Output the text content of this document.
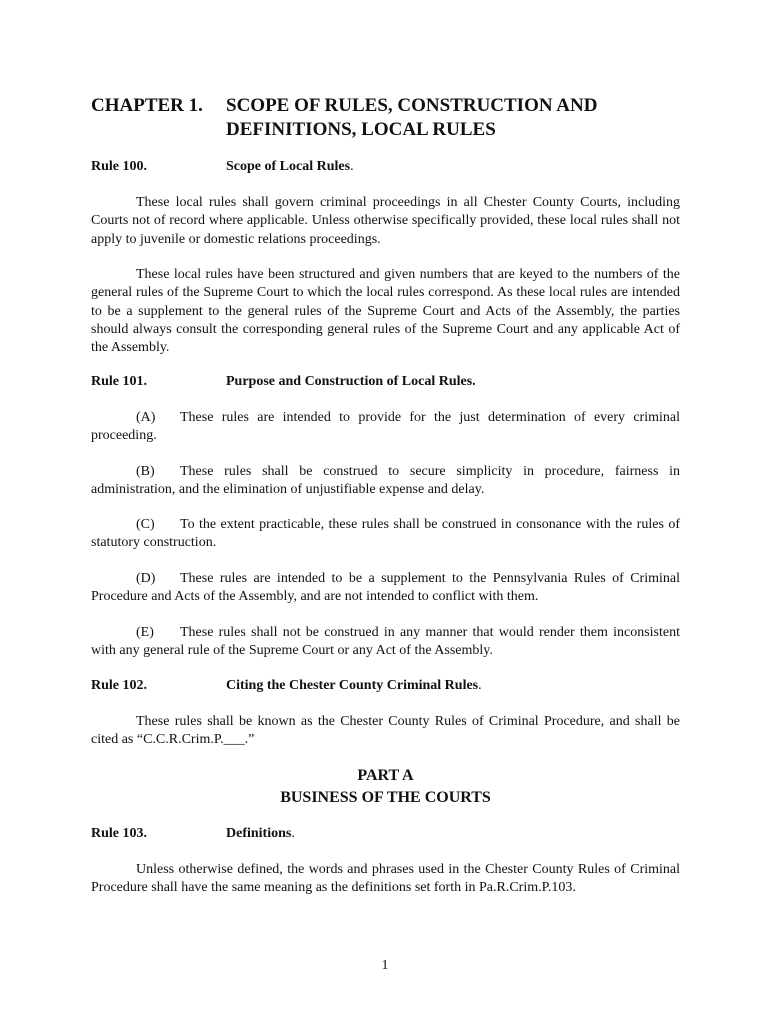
CHAPTER 1.	SCOPE OF RULES, CONSTRUCTION AND
DEFINITIONS, LOCAL RULES
Rule 100.	Scope of Local Rules.

These local rules shall govern criminal proceedings in all Chester County Courts, including Courts not of record where applicable. Unless otherwise specifically provided, these local rules shall not apply to juvenile or domestic relations proceedings.

These local rules have been structured and given numbers that are keyed to the numbers of the general rules of the Supreme Court to which the local rules correspond. As these local rules are intended to be a supplement to the general rules of the Supreme Court and Acts of the Assembly, the parties should always consult the corresponding general rules of the Supreme Court and any applicable Act of the Assembly.

Rule 101.	Purpose and Construction of Local Rules.

(A) These rules are intended to provide for the just determination of every criminal proceeding.

(B) These rules shall be construed to secure simplicity in procedure, fairness in administration, and the elimination of unjustifiable expense and delay.

(C) To the extent practicable, these rules shall be construed in consonance with the rules of statutory construction.

(D) These rules are intended to be a supplement to the Pennsylvania Rules of Criminal Procedure and Acts of the Assembly, and are not intended to conflict with them.

(E) These rules shall not be construed in any manner that would render them inconsistent with any general rule of the Supreme Court or any Act of the Assembly.

Rule 102.	Citing the Chester County Criminal Rules.

These rules shall be known as the Chester County Rules of Criminal Procedure, and shall be cited as “C.C.R.Crim.P.___.”

PART A
BUSINESS OF THE COURTS
Rule 103.	Definitions.

Unless otherwise defined, the words and phrases used in the Chester County Rules of Criminal Procedure shall have the same meaning as the definitions set forth in Pa.R.Crim.P.103.

1
